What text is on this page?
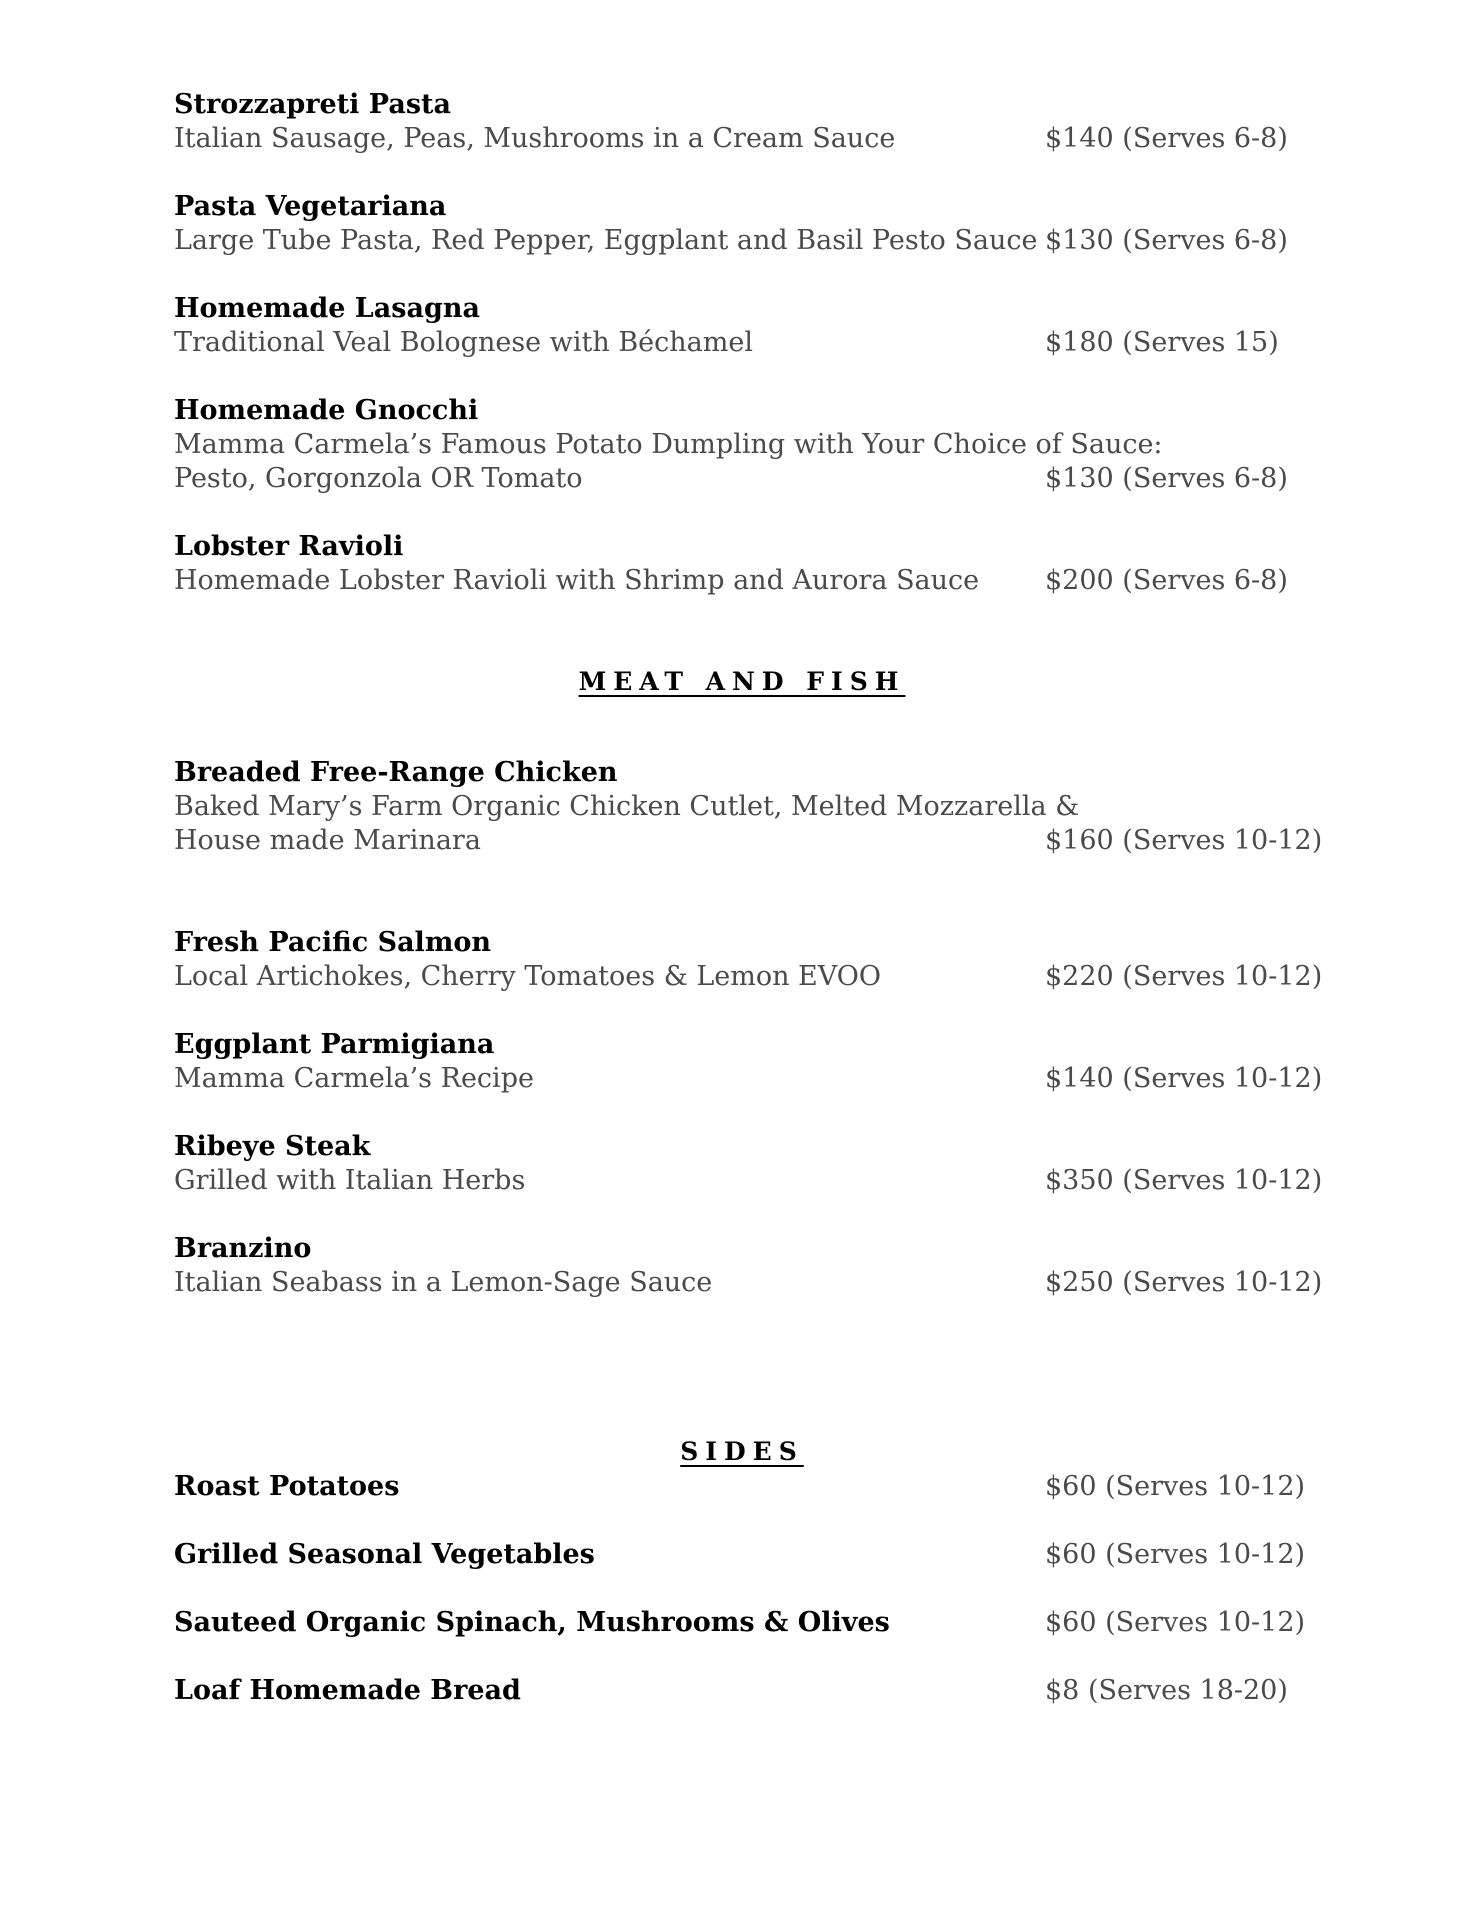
Strozzapreti Pasta
Italian Sausage, Peas, Mushrooms in a Cream Sauce	$140 (Serves 6-8)
Pasta Vegetariana
Large Tube Pasta, Red Pepper, Eggplant and Basil Pesto Sauce $130 (Serves 6-8)
Homemade Lasagna
Traditional Veal Bolognese with Béchamel	$180 (Serves 15)
Homemade Gnocchi
Mamma Carmela’s Famous Potato Dumpling with Your Choice of Sauce:
Pesto, Gorgonzola OR Tomato	$130 (Serves 6-8)
Lobster Ravioli
Homemade Lobster Ravioli with Shrimp and Aurora Sauce $200 (Serves 6-8)
MEAT AND FISH
Breaded Free-Range Chicken
Baked Mary’s Farm Organic Chicken Cutlet, Melted Mozzarella &
House made Marinara	$160 (Serves 10-12)
Fresh Pacific Salmon
Local Artichokes, Cherry Tomatoes & Lemon EVOO	$220 (Serves 10-12)
Eggplant Parmigiana
Mamma Carmela’s Recipe	$140 (Serves 10-12)
Ribeye Steak
Grilled with Italian Herbs	$350 (Serves 10-12)
Branzino
Italian Seabass in a Lemon-Sage Sauce	$250 (Serves 10-12)
SIDES
Roast Potatoes	$60 (Serves 10-12)
Grilled Seasonal Vegetables	$60 (Serves 10-12)
Sauteed Organic Spinach, Mushrooms & Olives	$60 (Serves 10-12)
Loaf Homemade Bread	$8 (Serves 18-20)
